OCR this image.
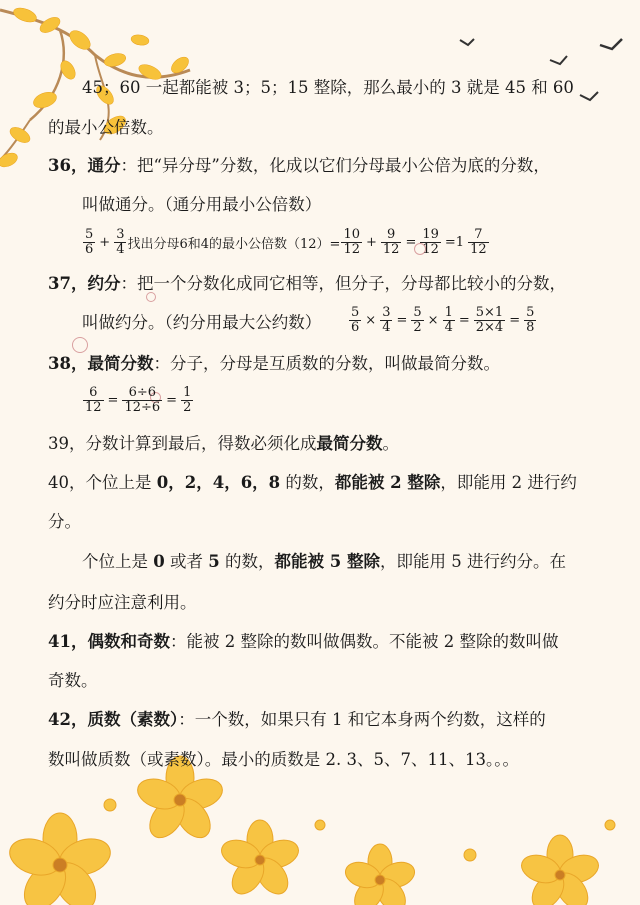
45；60 一起都能被 3；5；15 整除，那么最小的 3 就是 45 和 60
的最小公倍数。
36，通分：把“异分母”分数，化成以它们分母最小公倍为底的分数，
叫做通分。（通分用最小公倍数）
$\frac{5}{6} + \frac{3}{4}$ 找出分母6和4的最小公倍数$(12)= \frac{10}{12} + \frac{9}{12} = \frac{19}{12} =1 \frac{7}{12}$
37，约分：把一个分数化成同它相等，但分子，分母都比较小的分数，
叫做约分。（约分用最大公约数） $\frac{5}{6} \times \frac{3}{4} = \frac{5}{2} \times \frac{1}{4} = \frac{5\times 1}{2\times 4} = \frac{5}{8}$
38，最简分数：分子，分母是互质数的分数，叫做最简分数。
$\frac{6}{12} = \frac{6\div 6}{12\div 6} = \frac{1}{2}$
39，分数计算到最后，得数必须化成最简分数。
40，个位上是 0，2，4，6，8 的数，都能被 2 整除，即能用 2 进行约
分。
个位上是 0 或者 5 的数，都能被 5 整除，即能用 5 进行约分。在
约分时应注意利用。
41，偶数和奇数：能被 2 整除的数叫做偶数。不能被 2 整除的数叫做
奇数。
42，质数（素数）：一个数，如果只有 1 和它本身两个约数，这样的
数叫做质数（或素数）。最小的质数是 2. 3、5、7、11、13。。。
